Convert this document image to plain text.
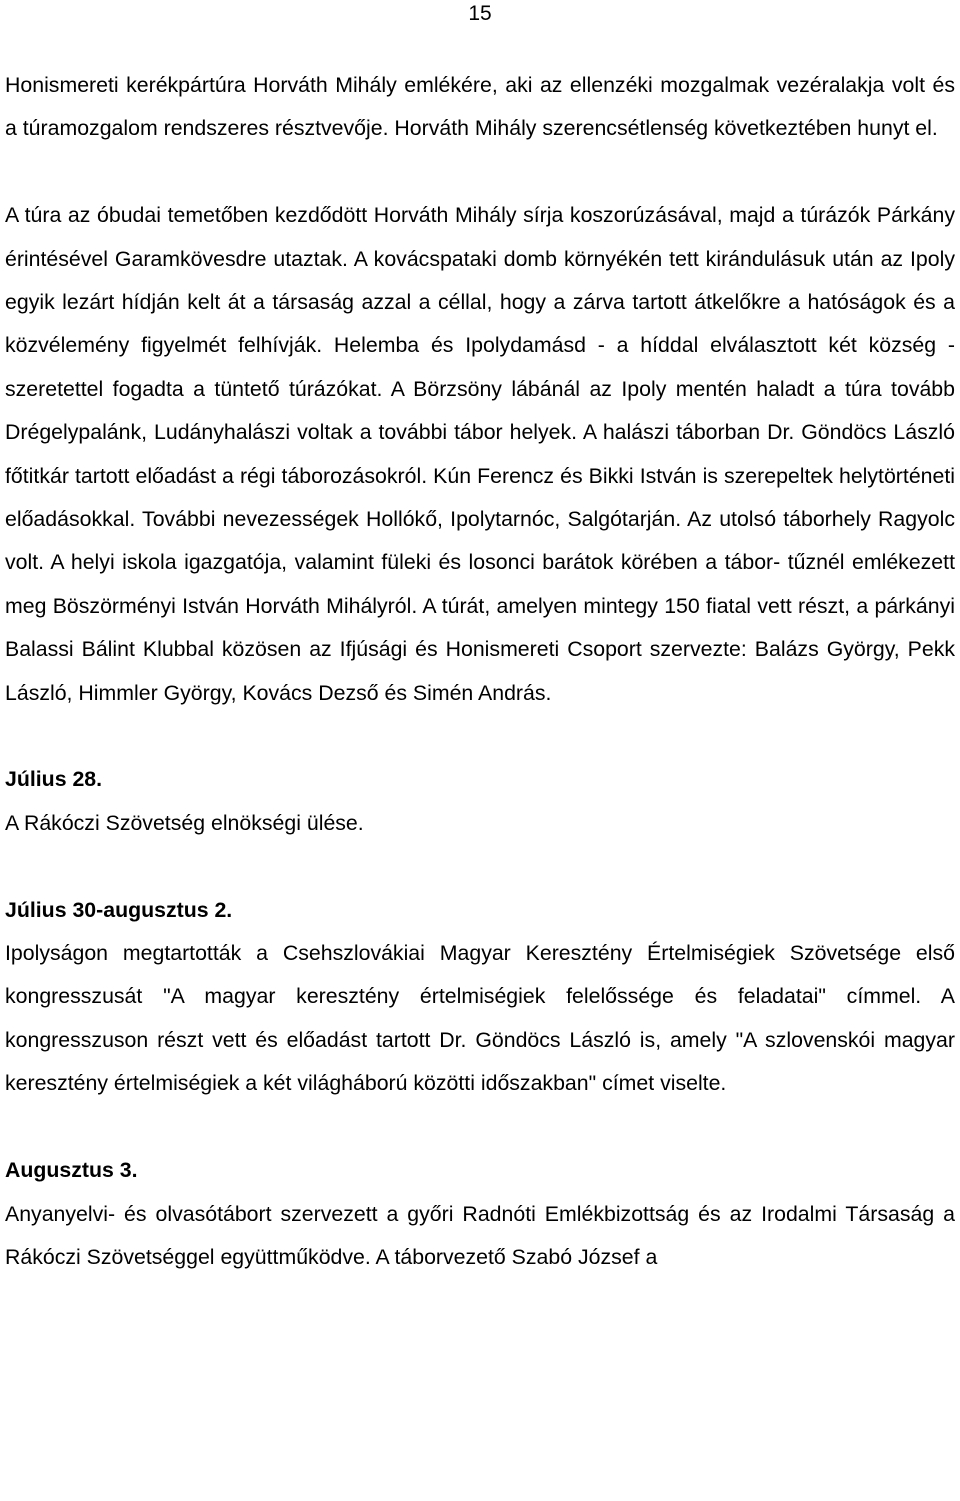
15

Honismereti kerékpártúra Horváth Mihály emlékére, aki az ellenzéki mozgalmak vezéralakja volt és a túramozgalom rendszeres résztvevője. Horváth Mihály szerencsétlenség következtében hunyt el.

A túra az óbudai temetőben kezdődött Horváth Mihály sírja koszorúzásával, majd a túrázók Párkány érintésével Garamkövesdre utaztak. A kovácspataki domb környékén tett kirándulásuk után az Ipoly egyik lezárt hídján kelt át a társaság azzal a céllal, hogy a zárva tartott átkelőkre a hatóságok és a közvélemény figyelmét felhívják. Helemba és Ipolydamásd - a híddal elválasztott két község - szeretettel fogadta a tüntető túrázókat. A Börzsöny lábánál az Ipoly mentén haladt a túra tovább Drégelypalánk, Ludányhalászi voltak a további tábor helyek. A halászi táborban Dr. Göndöcs László főtitkár tartott előadást a régi táborozásokról. Kún Ferencz és Bikki István is szerepeltek helytörténeti előadásokkal. További nevezességek Hollókő, Ipolytarnóc, Salgótarján. Az utolsó táborhely Ragyolc volt. A helyi iskola igazgatója, valamint füleki és losonci barátok körében a tábor- tűznél emlékezett meg Böszörményi István Horváth Mihályról. A túrát, amelyen mintegy 150 fiatal vett részt, a párkányi Balassi Bálint Klubbal közösen az Ifjúsági és Honismereti Csoport szervezte: Balázs György, Pekk László, Himmler György, Kovács Dezső és Simén András.

Július 28.

A Rákóczi Szövetség elnökségi ülése.

Július 30-augusztus 2.

Ipolyságon megtartották a Csehszlovákiai Magyar Keresztény Értelmiségiek Szövetsége első kongresszusát "A magyar keresztény értelmiségiek felelőssége és feladatai" címmel. A kongresszuson részt vett és előadást tartott Dr. Göndöcs László is, amely "A szlovenskói magyar keresztény értelmiségiek a két világháború közötti időszakban" címet viselte.

Augusztus 3.

Anyanyelvi- és olvasótábort szervezett a győri Radnóti Emlékbizottság és az Irodalmi Társaság a Rákóczi Szövetséggel együttműködve. A táborvezető Szabó József a
